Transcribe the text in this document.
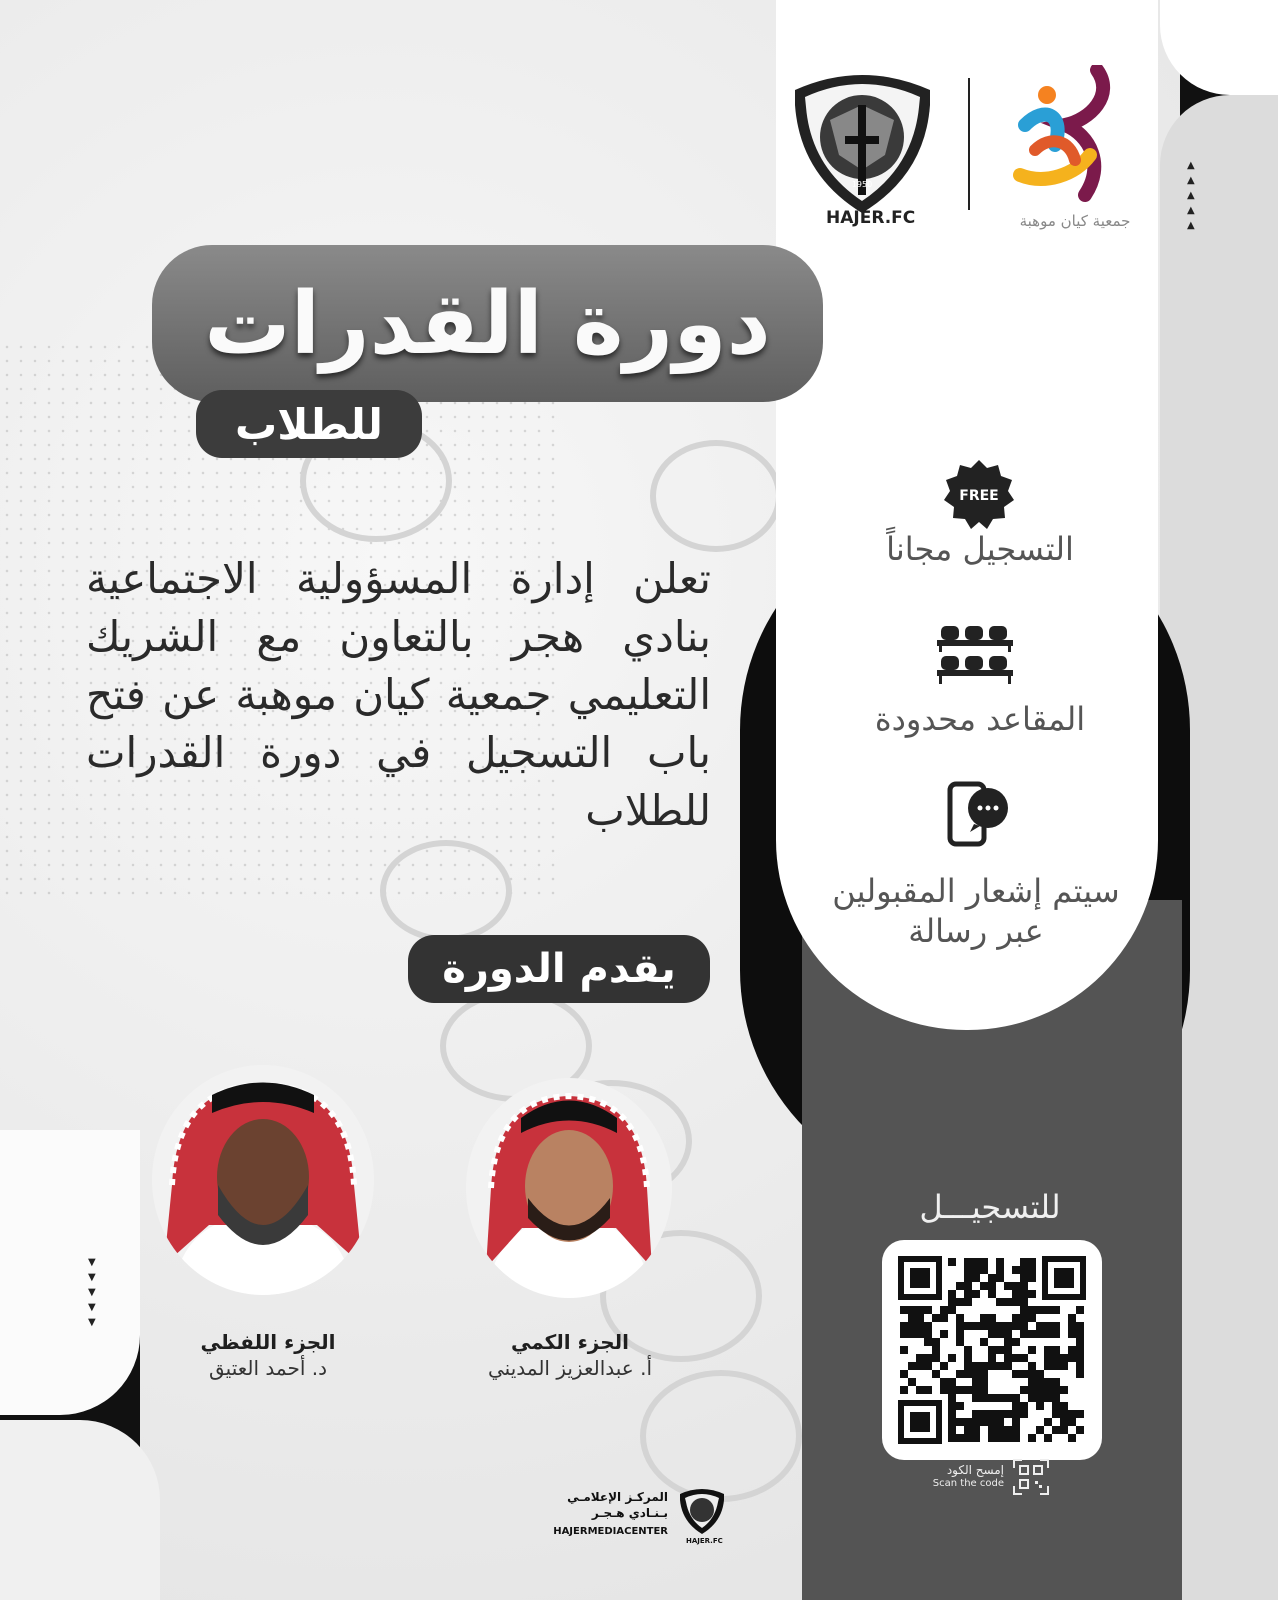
1950
HAJER.FC	جمعية كيان موهبة
▲
▲
▲
▲
▲
▼
▼
▼
▼
▼
دورة القدرات
للطلاب
تعلن إدارة المسؤولية الاجتماعية بنادي هجر بالتعاون مع الشريك التعليمي جمعية كيان موهبة عن فتح باب التسجيل في دورة القدرات للطلاب
يقدم الدورة
FREE
التسجيل مجاناً
المقاعد محدودة
سيتم إشعار المقبولين
عبر رسالة
للتسجيـــل
إمسح الكود
Scan the code
الجزء الكمي
أ. عبدالعزيز المديني
الجزء اللفظي
د. أحمد العتيق
HAJER.FC
المركـز الإعلامـي
بـنـادي هـجـر
HAJERMEDIACENTER
